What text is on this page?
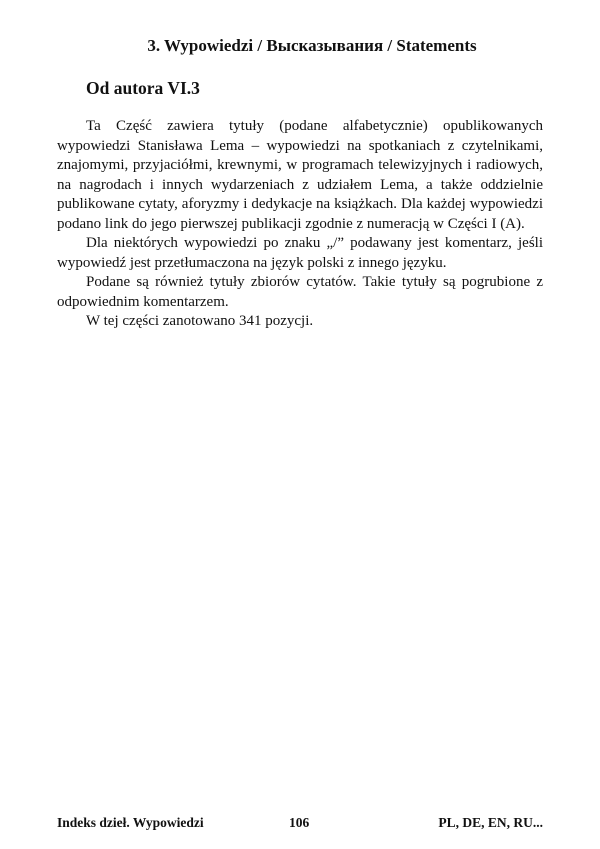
3. Wypowiedzi / Высказывания / Statements
Od autora VI.3

Ta Część zawiera tytuły (podane alfabetycznie) opublikowanych wypowiedzi Stanisława Lema – wypowiedzi na spotkaniach z czytelnikami, znajomymi, przyjaciółmi, krewnymi, w programach telewizyjnych i radiowych, na nagrodach i innych wydarzeniach z udziałem Lema, a także oddzielnie publikowane cytaty, aforyzmy i dedykacje na książkach. Dla każdej wypowiedzi podano link do jego pierwszej publikacji zgodnie z numeracją w Części I (A).

Dla niektórych wypowiedzi po znaku „/” podawany jest komentarz, jeśli wypowiedź jest przetłumaczona na język polski z innego języku.

Podane są również tytuły zbiorów cytatów. Takie tytuły są pogrubione z odpowiednim komentarzem.

W tej części zanotowano 341 pozycji.

Indeks dzieł. Wypowiedzi	106	PL, DE, EN, RU...
